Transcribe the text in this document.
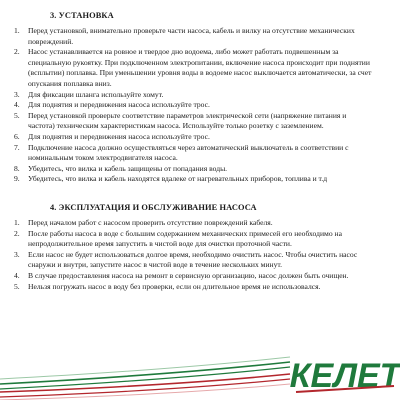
3. УСТАНОВКА
1.	Перед установкой, внимательно проверьте части насоса, кабель и вилку на отсутствие механических повреждений.
2.	Насос устанавливается на ровное и твердое дно водоема, либо может работать подвешенным за специальную рукоятку. При подключенном электропитании, включение насоса происходит при поднятии (всплытии) поплавка. При уменьшении уровня воды в водоеме насос выключается автоматически, за счет опускания поплавка вниз.
3.	Для фиксации шланга используйте хомут.
4.	Для поднятия и передвижения насоса используйте трос.
5.	Перед установкой проверьте соответствие параметров электрической сети (напряжение питания и частота) техническим характеристикам насоса. Используйте только розетку с заземлением.
6.	Для поднятия и передвижения насоса используйте трос.
7.	Подключение насоса должно осуществляться через автоматический выключатель в соответствии с номинальным током электродвигателя насоса.
8.	Убедитесь, что вилка и кабель защищены от попадания воды.
9.	Убедитесь, что вилка и кабель находятся вдалеке от нагревательных приборов, топлива и т.д
4. ЭКСПЛУАТАЦИЯ И ОБСЛУЖИВАНИЕ НАСОСА
1.	Перед началом работ с насосом проверить отсутствие повреждений кабеля.
2.	После работы насоса в воде с большим содержанием механических примесей его необходимо на непродолжительное время запустить в чистой воде для очистки проточной части.
3.	Если насос не будет использоваться долгое время, необходимо очистить насос. Чтобы очистить насос снаружи и внутри, запустите насос в чистой воде в течение нескольких минут.
4.	В случае предоставления насоса на ремонт в сервисную организацию, насос должен быть очищен.
5.	Нельзя погружать насос в воду без проверки, если он длительное время не использовался.
КЕЛЕТ
